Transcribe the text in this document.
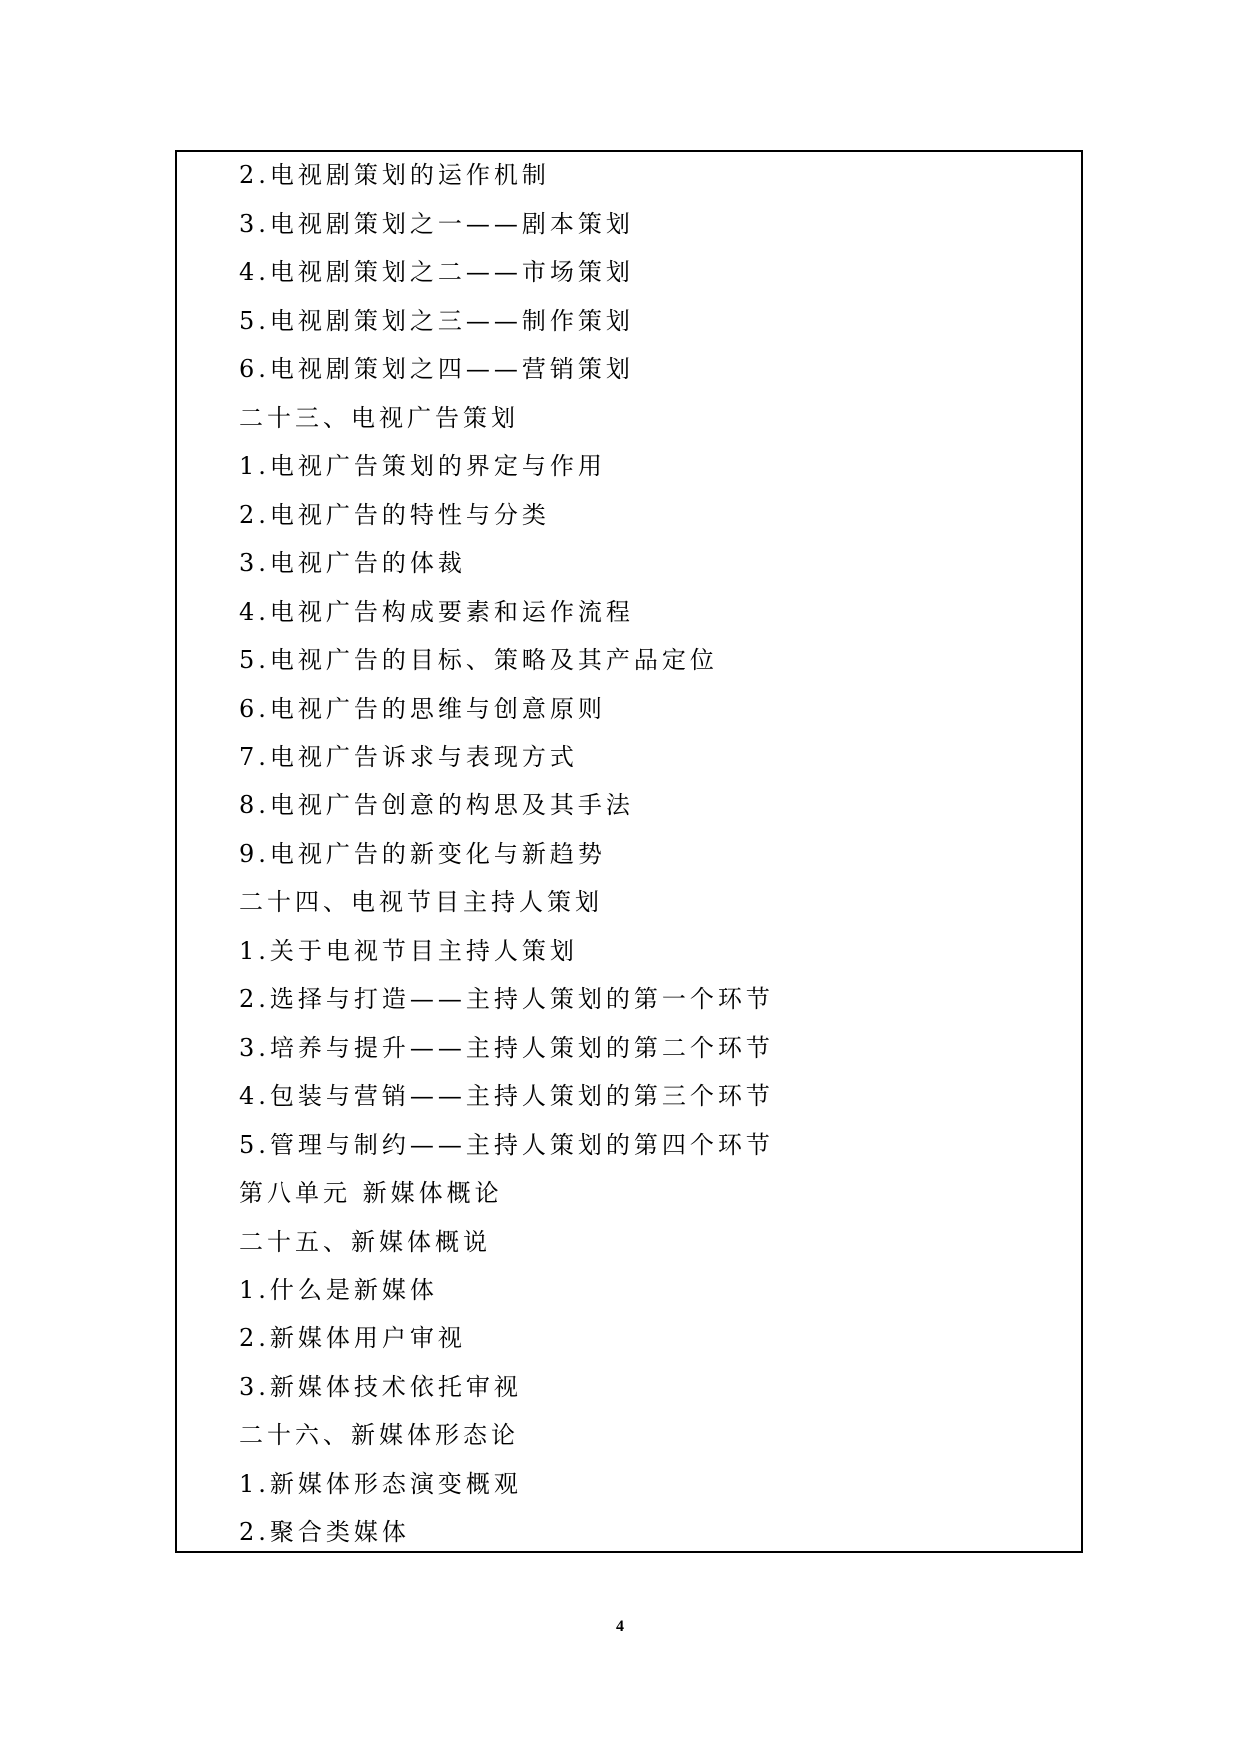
2.电视剧策划的运作机制
3.电视剧策划之一——剧本策划
4.电视剧策划之二——市场策划
5.电视剧策划之三——制作策划
6.电视剧策划之四——营销策划
二十三、电视广告策划
1.电视广告策划的界定与作用
2.电视广告的特性与分类
3.电视广告的体裁
4.电视广告构成要素和运作流程
5.电视广告的目标、策略及其产品定位
6.电视广告的思维与创意原则
7.电视广告诉求与表现方式
8.电视广告创意的构思及其手法
9.电视广告的新变化与新趋势
二十四、电视节目主持人策划
1.关于电视节目主持人策划
2.选择与打造——主持人策划的第一个环节
3.培养与提升——主持人策划的第二个环节
4.包装与营销——主持人策划的第三个环节
5.管理与制约——主持人策划的第四个环节
第八单元 新媒体概论
二十五、新媒体概说
1.什么是新媒体
2.新媒体用户审视
3.新媒体技术依托审视
二十六、新媒体形态论
1.新媒体形态演变概观
2.聚合类媒体
4
